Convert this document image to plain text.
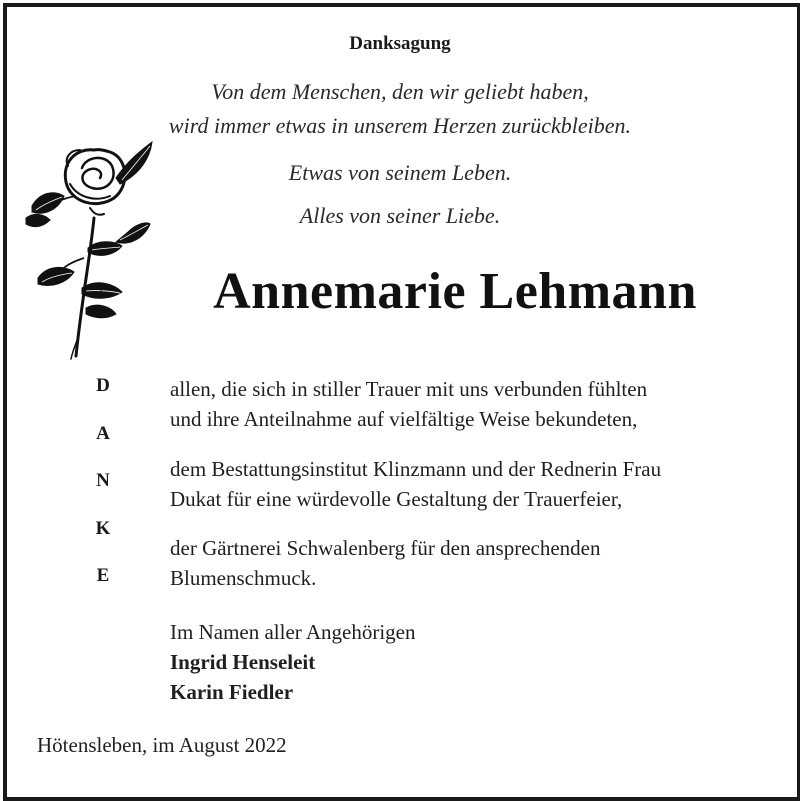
Danksagung
Von dem Menschen, den wir geliebt haben,
wird immer etwas in unserem Herzen zurückbleiben.
Etwas von seinem Leben.
Alles von seiner Liebe.
Annemarie Lehmann
D
A
N
K
E
allen, die sich in stiller Trauer mit uns verbunden fühlten
und ihre Anteilnahme auf vielfältige Weise bekundeten,
dem Bestattungsinstitut Klinzmann und der Rednerin Frau
Dukat für eine würdevolle Gestaltung der Trauerfeier,
der Gärtnerei Schwalenberg für den ansprechenden
Blumenschmuck.
Im Namen aller Angehörigen
Ingrid Henseleit
Karin Fiedler
Hötensleben, im August 2022
